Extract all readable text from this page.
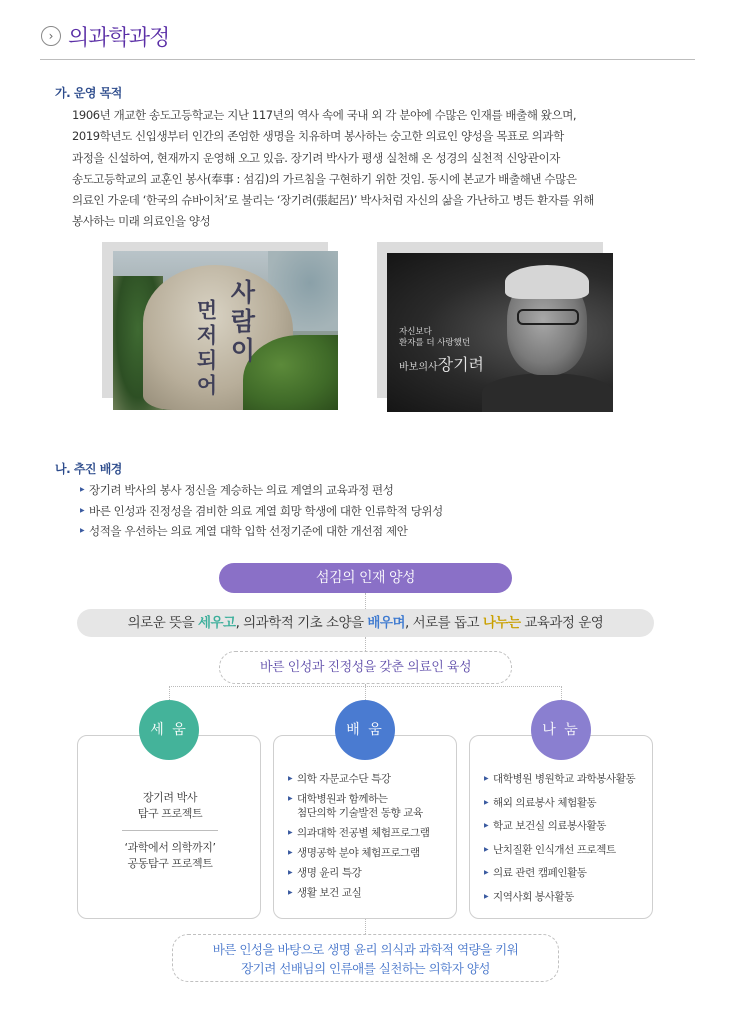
› 의과학과정
가. 운영 목적

1906년 개교한 송도고등학교는 지난 117년의 역사 속에 국내 외 각 분야에 수많은 인재를 배출해 왔으며,

2019학년도 신입생부터 인간의 존엄한 생명을 치유하며 봉사하는 숭고한 의료인 양성을 목표로 의과학

과정을 신설하여, 현재까지 운영해 오고 있음. 장기려 박사가 평생 실천해 온 성경의 실천적 신앙관이자

송도고등학교의 교훈인 봉사(奉事 : 섬김)의 가르침을 구현하기 위한 것임. 동시에 본교가 배출해낸 수많은

의료인 가운데 ‘한국의 슈바이처’로 불리는 ‘장기려(張起呂)’ 박사처럼 자신의 삶을 가난하고 병든 환자를 위해

봉사하는 미래 의료인을 양성

사람이
먼저되어	자신보다
환자를 더 사랑했던
바보의사장기려
나. 추진 배경
▶ 장기려 박사의 봉사 정신을 계승하는 의료 계열의 교육과정 편성
▶ 바른 인성과 진정성을 겸비한 의료 계열 희망 학생에 대한 인류학적 당위성
▶ 성적을 우선하는 의료 계열 대학 입학 선정기준에 대한 개선점 제안
섬김의 인재 양성
의로운 뜻을 세우고, 의과학적 기초 소양을 배우며, 서로를 돕고 나누는 교육과정 운영
바른 인성과 진정성을 갖춘 의료인 육성
장기려 박사
탐구 프로젝트
‘과학에서 의학까지’
공동탐구 프로젝트
▶ 의학 자문교수단 특강
▶ 대학병원과 함께하는
첨단의학 기술발전 동향 교육
▶ 의과대학 전공별 체험프로그램
▶ 생명공학 분야 체험프로그램
▶ 생명 윤리 특강
▶ 생활 보건 교실
▶ 대학병원 병원학교 과학봉사활동
▶ 해외 의료봉사 체험활동
▶ 학교 보건실 의료봉사활동
▶ 난치질환 인식개선 프로젝트
▶ 의료 관련 캠페인활동
▶ 지역사회 봉사활동
세 움	배 움	나 눔
바른 인성을 바탕으로 생명 윤리 의식과 과학적 역량을 키워
장기려 선배님의 인류애를 실천하는 의학자 양성
